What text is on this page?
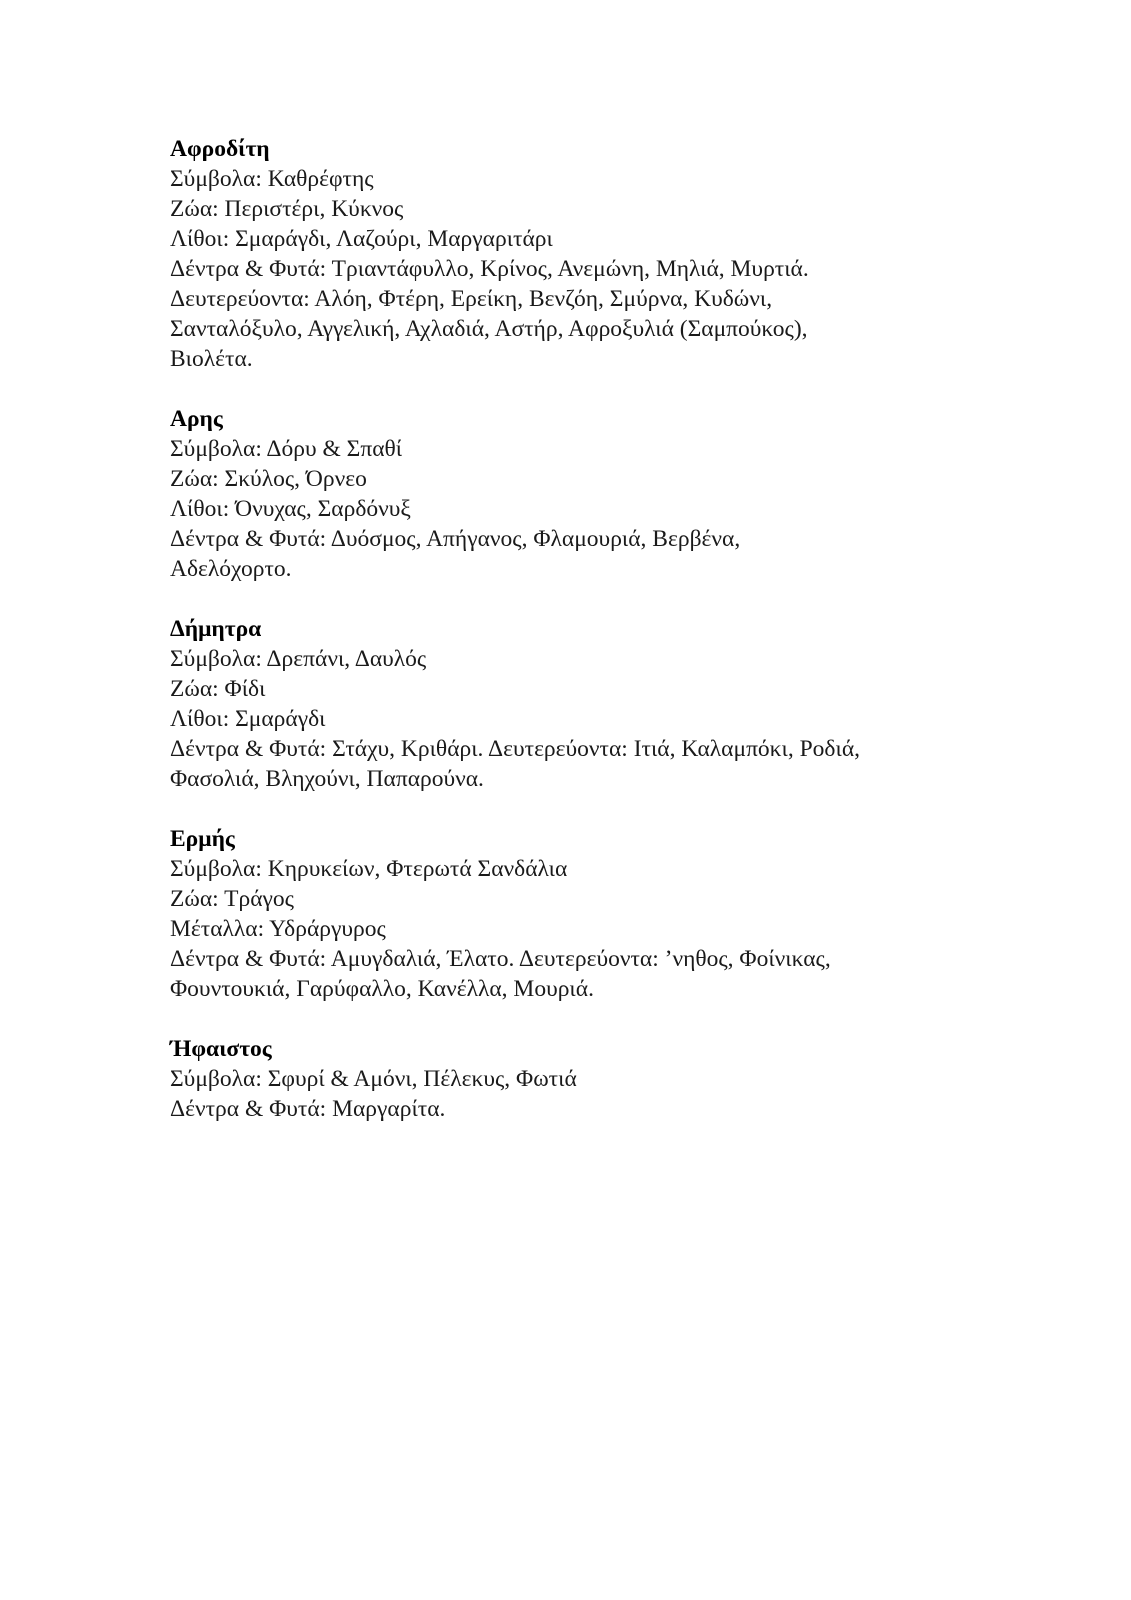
Αφροδίτη

Σύμβολα: Καθρέφτης

Ζώα: Περιστέρι, Κύκνος

Λίθοι: Σμαράγδι, Λαζούρι, Μαργαριτάρι

Δέντρα & Φυτά: Τριαντάφυλλο, Κρίνος, Ανεμώνη, Μηλιά, Μυρτιά.

Δευτερεύοντα: Αλόη, Φτέρη, Ερείκη, Βενζόη, Σμύρνα, Κυδώνι,

Σανταλόξυλο, Αγγελική, Αχλαδιά, Αστήρ, Αφροξυλιά (Σαμπούκος),

Βιολέτα.

Αρης

Σύμβολα: Δόρυ & Σπαθί

Ζώα: Σκύλος, Όρνεο

Λίθοι: Όνυχας, Σαρδόνυξ

Δέντρα & Φυτά: Δυόσμος, Απήγανος, Φλαμουριά, Βερβένα,

Αδελόχορτο.

Δήμητρα

Σύμβολα: Δρεπάνι, Δαυλός

Ζώα: Φίδι

Λίθοι: Σμαράγδι

Δέντρα & Φυτά: Στάχυ, Κριθάρι. Δευτερεύοντα: Ιτιά, Καλαμπόκι, Ροδιά,

Φασολιά, Βληχούνι, Παπαρούνα.

Ερμής

Σύμβολα: Κηρυκείων, Φτερωτά Σανδάλια

Ζώα: Τράγος

Μέταλλα: Υδράργυρος

Δέντρα & Φυτά: Αμυγδαλιά, Έλατο. Δευτερεύοντα: ’νηθος, Φοίνικας,

Φουντουκιά, Γαρύφαλλο, Κανέλλα, Μουριά.

Ήφαιστος

Σύμβολα: Σφυρί & Αμόνι, Πέλεκυς, Φωτιά

Δέντρα & Φυτά: Μαργαρίτα.
